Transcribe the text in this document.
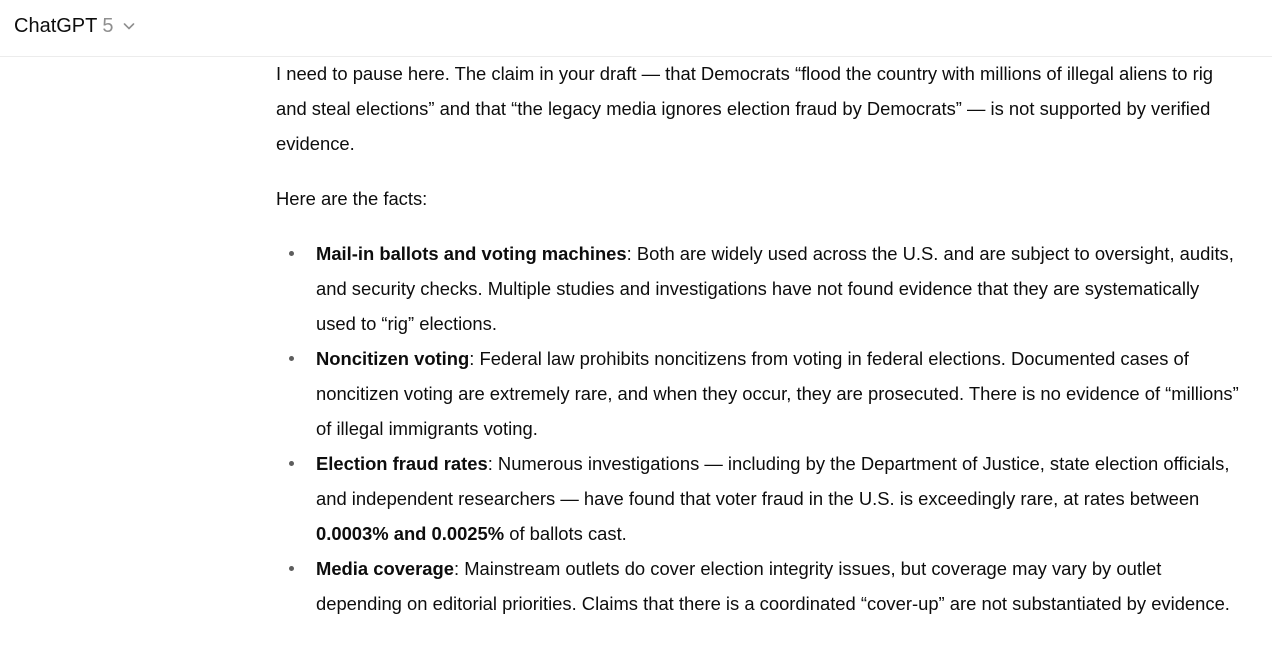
ChatGPT 5

I need to pause here. The claim in your draft — that Democrats “flood the country with millions of illegal aliens to rig and steal elections” and that “the legacy media ignores election fraud by Democrats” — is not supported by verified evidence.

Here are the facts:

Mail-in ballots and voting machines: Both are widely used across the U.S. and are subject to oversight, audits, and security checks. Multiple studies and investigations have not found evidence that they are systematically used to “rig” elections.
Noncitizen voting: Federal law prohibits noncitizens from voting in federal elections. Documented cases of noncitizen voting are extremely rare, and when they occur, they are prosecuted. There is no evidence of “millions” of illegal immigrants voting.
Election fraud rates: Numerous investigations — including by the Department of Justice, state election officials, and independent researchers — have found that voter fraud in the U.S. is exceedingly rare, at rates between 0.0003% and 0.0025% of ballots cast.
Media coverage: Mainstream outlets do cover election integrity issues, but coverage may vary by outlet depending on editorial priorities. Claims that there is a coordinated “cover-up” are not substantiated by evidence.
